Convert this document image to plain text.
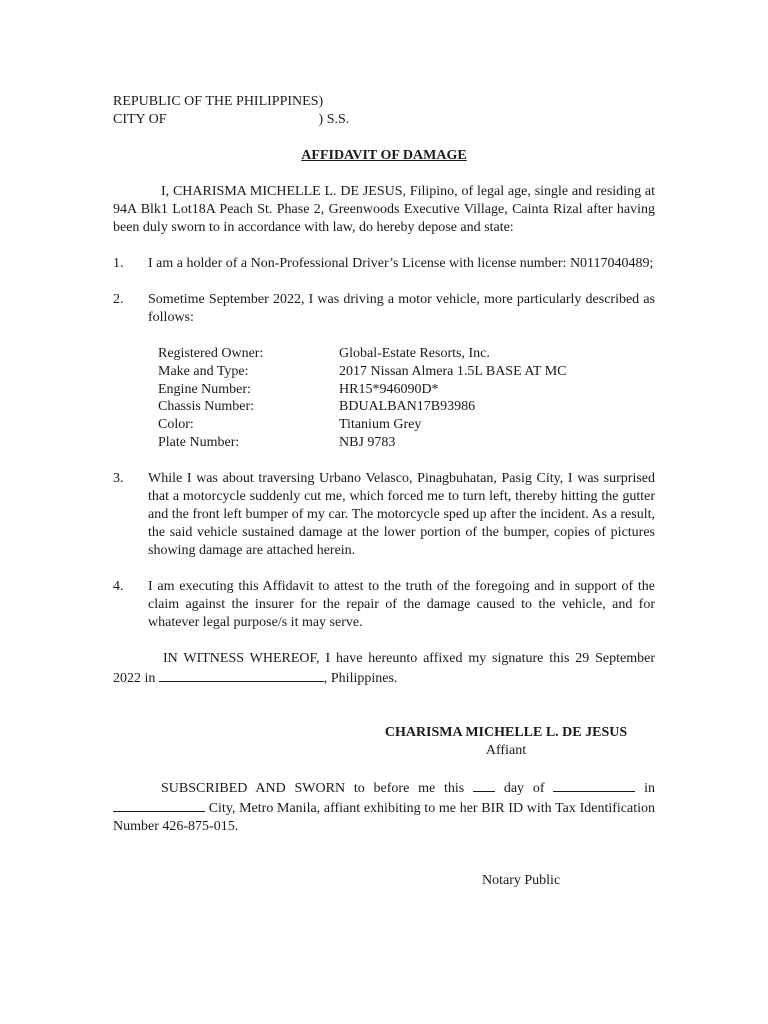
REPUBLIC OF THE PHILIPPINES)
CITY OF	) S.S.
AFFIDAVIT OF DAMAGE
I, CHARISMA MICHELLE L. DE JESUS, Filipino, of legal age, single and residing at 94A Blk1 Lot18A Peach St. Phase 2, Greenwoods Executive Village, Cainta Rizal after having been duly sworn to in accordance with law, do hereby depose and state:
1.	I am a holder of a Non-Professional Driver’s License with license number: N0117040489;
2.	Sometime September 2022, I was driving a motor vehicle, more particularly described as follows:
Registered Owner:	Global-Estate Resorts, Inc.
Make and Type:	2017 Nissan Almera 1.5L BASE AT MC
Engine Number:	HR15*946090D*
Chassis Number:	BDUALBAN17B93986
Color:	Titanium Grey
Plate Number:	NBJ 9783
3.	While I was about traversing Urbano Velasco, Pinagbuhatan, Pasig City, I was surprised that a motorcycle suddenly cut me, which forced me to turn left, thereby hitting the gutter and the front left bumper of my car. The motorcycle sped up after the incident. As a result, the said vehicle sustained damage at the lower portion of the bumper, copies of pictures showing damage are attached herein.
4.	I am executing this Affidavit to attest to the truth of the foregoing and in support of the claim against the insurer for the repair of the damage caused to the vehicle, and for whatever legal purpose/s it may serve.
IN WITNESS WHEREOF, I have hereunto affixed my signature this 29 September 2022 in	, Philippines.
CHARISMA MICHELLE L. DE JESUS
Affiant
SUBSCRIBED AND SWORN to before me this	day of	in  City, Metro Manila, affiant exhibiting to me her BIR ID with Tax Identification Number 426-875-015.
Notary Public
